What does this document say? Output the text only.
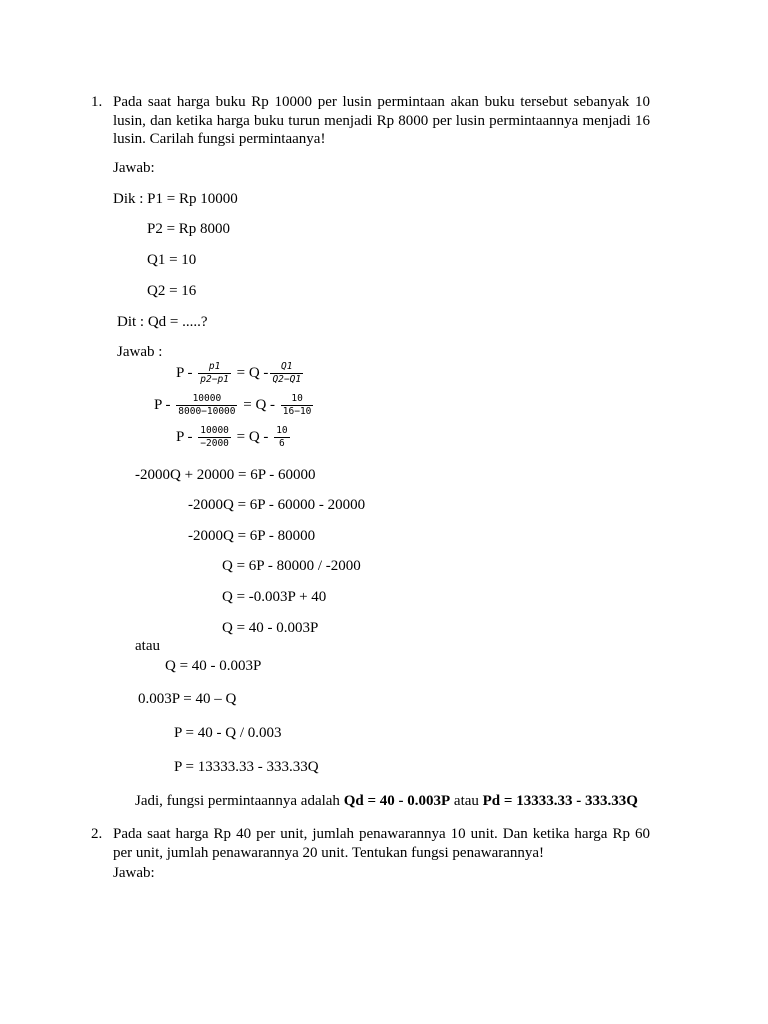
1. Pada saat harga buku Rp 10000 per lusin permintaan akan buku tersebut sebanyak 10
lusin, dan ketika harga buku turun menjadi Rp 8000 per lusin permintaannya menjadi 16
lusin. Carilah fungsi permintaanya!
Jawab:
Dik : P1 = Rp 10000
P2 = Rp 8000
Q1 = 10
Q2 = 16
Dit : Qd = .....?
Jawab :
$P - \frac{p1}{p2-p1} = Q - \frac{Q1}{Q2-Q1}$
$P - \frac{10000}{8000-10000} = Q - \frac{10}{16-10}$
$P - \frac{10000}{-2000} = Q - \frac{10}{6}$
-2000Q + 20000 = 6P - 60000
-2000Q = 6P - 60000 - 20000
-2000Q = 6P - 80000
Q = 6P - 80000 / -2000
Q = -0.003P + 40
Q = 40 - 0.003P
atau
Q = 40 - 0.003P
0.003P = 40 – Q
P = 40 - Q / 0.003
P = 13333.33 - 333.33Q
Jadi, fungsi permintaannya adalah Qd = 40 - 0.003P atau Pd = 13333.33 - 333.33Q
2. Pada saat harga Rp 40 per unit, jumlah penawarannya 10 unit. Dan ketika harga Rp 60
per unit, jumlah penawarannya 20 unit. Tentukan fungsi penawarannya!
Jawab:
